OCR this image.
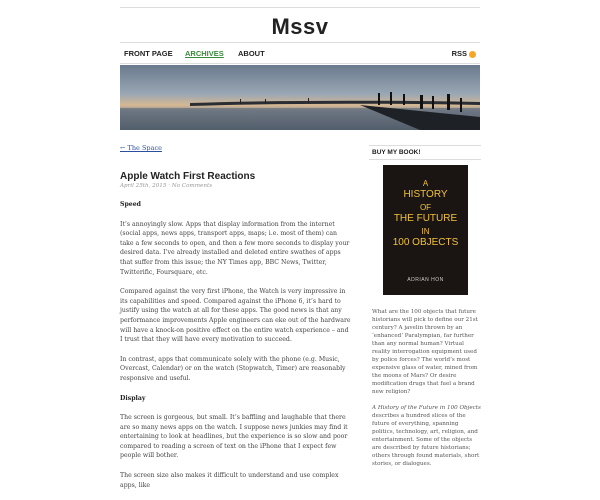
Mssv
FRONT PAGE ARCHIVES ABOUT	RSS
← The Space
Apple Watch First Reactions
April 25th, 2015 · No Comments

Speed

It’s annoyingly slow. Apps that display information from the internet (social apps, news apps, transport apps, maps; i.e. most of them) can take a few seconds to open, and then a few more seconds to display your desired data. I’ve already installed and deleted entire swathes of apps that suffer from this issue; the NY Times app, BBC News, Twitter, Twitterific, Foursquare, etc.

Compared against the very first iPhone, the Watch is very impressive in its capabilities and speed. Compared against the iPhone 6, it’s hard to justify using the watch at all for these apps. The good news is that any performance improvements Apple engineers can eke out of the hardware will have a knock-on positive effect on the entire watch experience – and I trust that they will have every motivation to succeed.

In contrast, apps that communicate solely with the phone (e.g. Music, Overcast, Calendar) or on the watch (Stopwatch, Timer) are reasonably responsive and useful.

Display

The screen is gorgeous, but small. It’s baffling and laughable that there are so many news apps on the watch. I suppose news junkies may find it entertaining to look at headlines, but the experience is so slow and poor compared to reading a screen of text on the iPhone that I expect few people will bother.

The screen size also makes it difficult to understand and use complex apps, like

BUY MY BOOK!
A
HISTORY
OF
THE FUTURE
IN
100 OBJECTS
ADRIAN HON

What are the 100 objects that future historians will pick to define our 21st century? A javelin thrown by an ‘enhanced’ Paralympian, far further than any normal human? Virtual reality interrogation equipment used by police forces? The world’s most expensive glass of water, mined from the moons of Mars? Or desire modification drugs that fuel a brand new religion?

A History of the Future in 100 Objects describes a hundred slices of the future of everything, spanning politics, technology, art, religion, and entertainment. Some of the objects are described by future historians; others through found materials, short stories, or dialogues.
